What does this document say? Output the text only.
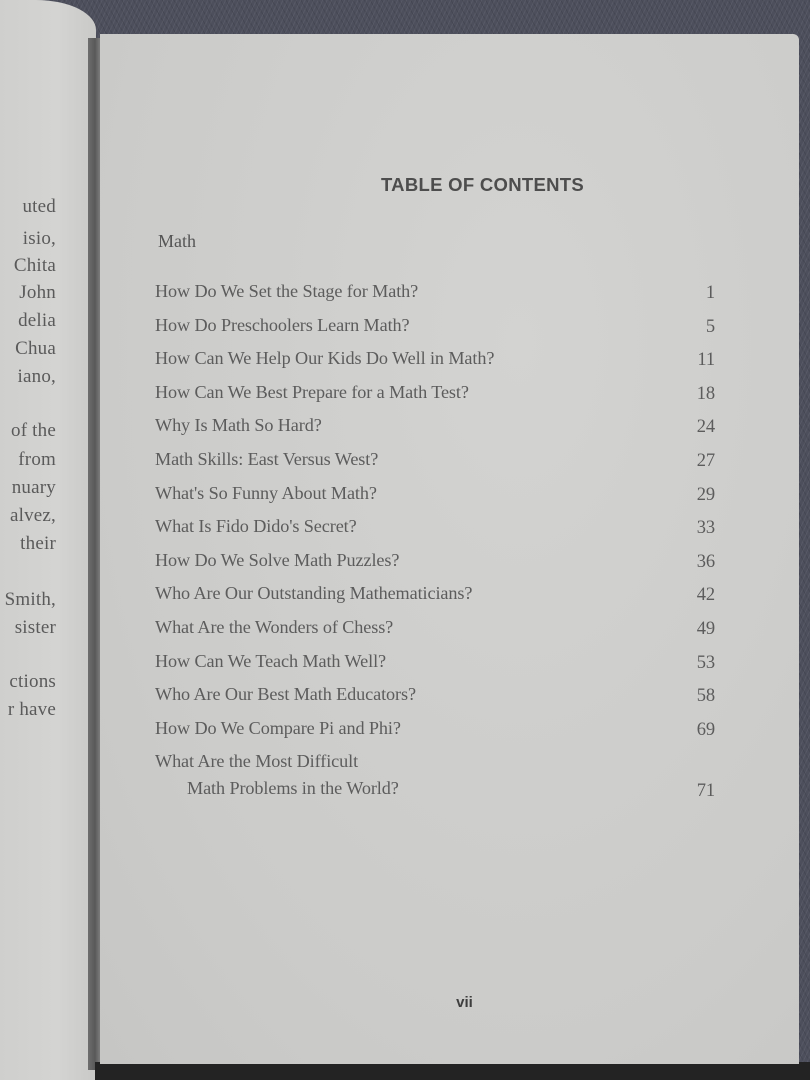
uted
isio,
Chita
John
delia
Chua
iano,
of the
from
nuary
alvez,
their
Smith,
sister
ctions
r have
TABLE OF CONTENTS
Math
How Do We Set the Stage for Math?	1
How Do Preschoolers Learn Math?	5
How Can We Help Our Kids Do Well in Math?	11
How Can We Best Prepare for a Math Test?	18
Why Is Math So Hard?	24
Math Skills: East Versus West?	27
What's So Funny About Math?	29
What Is Fido Dido's Secret?	33
How Do We Solve Math Puzzles?	36
Who Are Our Outstanding Mathematicians?	42
What Are the Wonders of Chess?	49
How Can We Teach Math Well?	53
Who Are Our Best Math Educators?	58
How Do We Compare Pi and Phi?	69
What Are the Most Difficult
Math Problems in the World?	71
vii
